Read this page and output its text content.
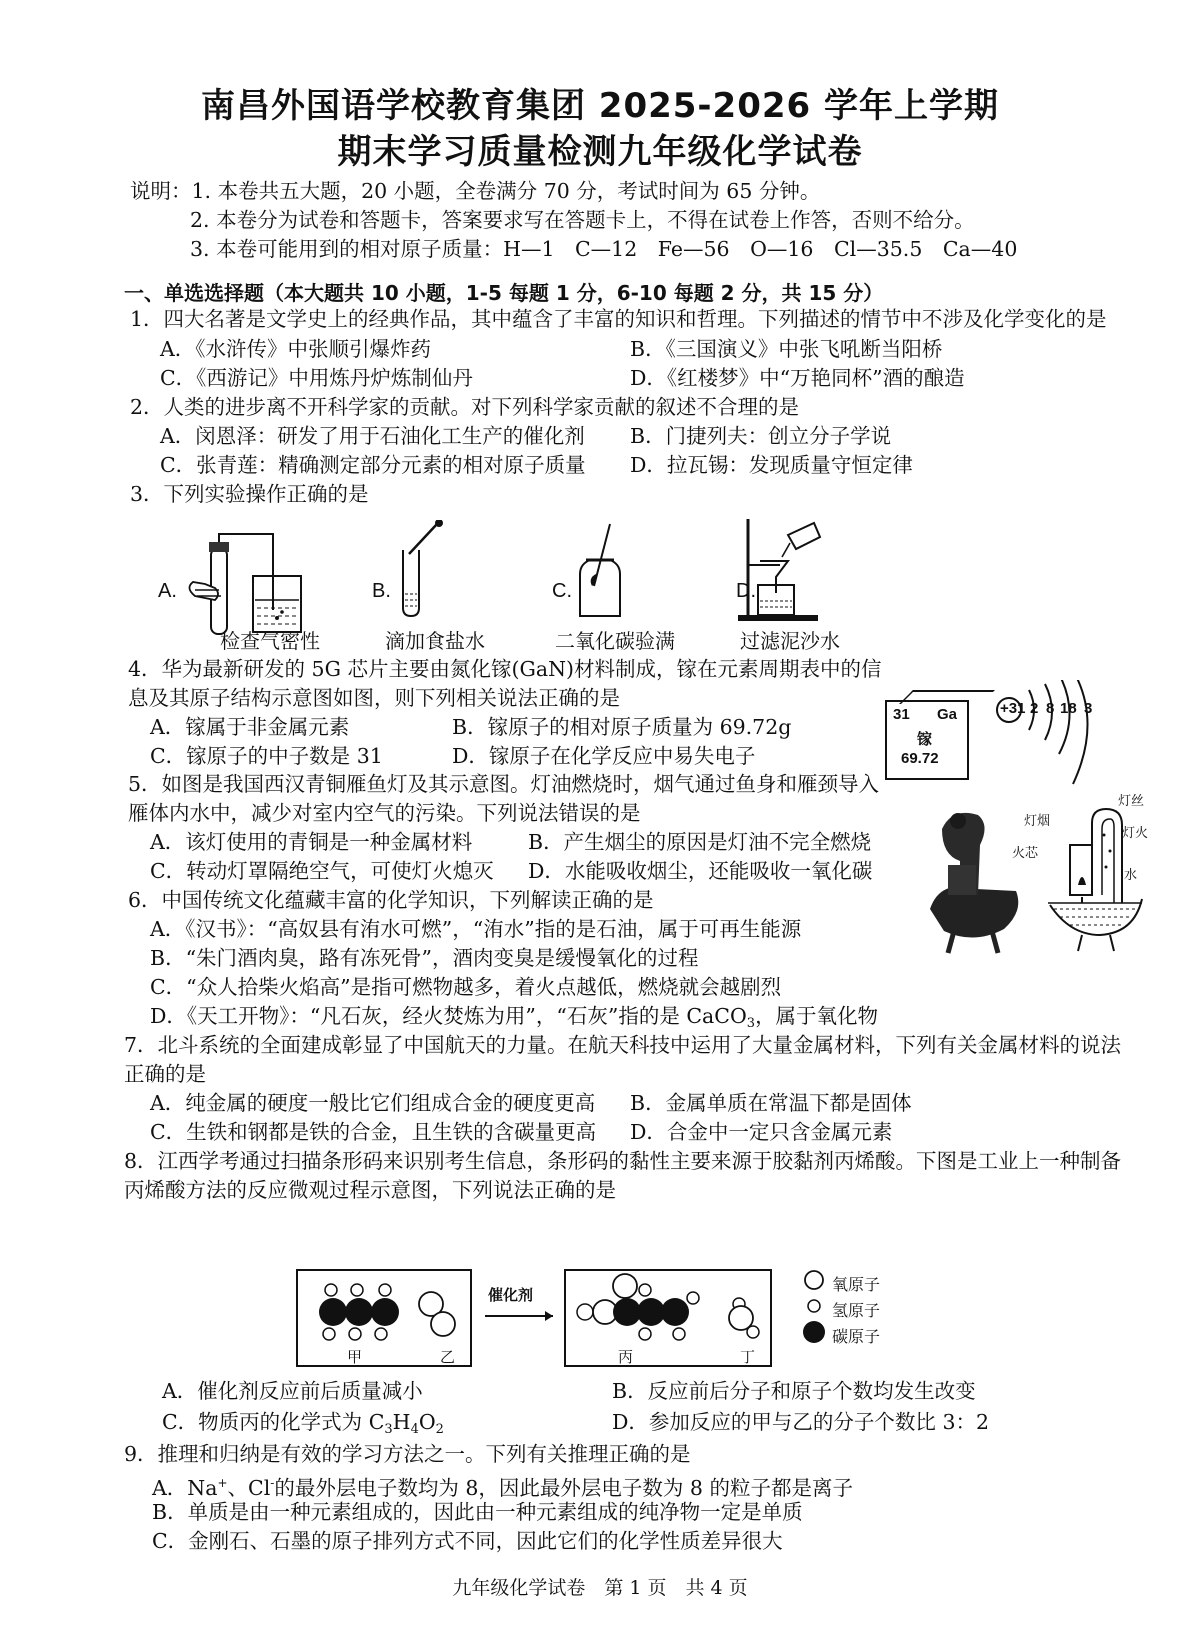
南昌外国语学校教育集团 2025-2026 学年上学期
期末学习质量检测九年级化学试卷
说明：1. 本卷共五大题，20 小题，全卷满分 70 分，考试时间为 65 分钟。
2. 本卷分为试卷和答题卡，答案要求写在答题卡上，不得在试卷上作答，否则不给分。
3. 本卷可能用到的相对原子质量：H—1　C—12　Fe—56　O—16　Cl—35.5　Ca—40
一、单选选择题（本大题共 10 小题，1-5 每题 1 分，6-10 每题 2 分，共 15 分）
1．四大名著是文学史上的经典作品，其中蕴含了丰富的知识和哲理。下列描述的情节中不涉及化学变化的是
A．《水浒传》中张顺引爆炸药	B．《三国演义》中张飞吼断当阳桥
C．《西游记》中用炼丹炉炼制仙丹	D．《红楼梦》中“万艳同杯”酒的酿造
2．人类的进步离不开科学家的贡献。对下列科学家贡献的叙述不合理的是
A．闵恩泽：研发了用于石油化工生产的催化剂 B．门捷列夫：创立分子学说
C．张青莲：精确测定部分元素的相对原子质量 D．拉瓦锡：发现质量守恒定律
3．下列实验操作正确的是
A.	B.	C.	D.
检查气密性	滴加食盐水	二氧化碳验满	过滤泥沙水
4．华为最新研发的 5G 芯片主要由氮化镓(GaN)材料制成，镓在元素周期表中的信
息及其原子结构示意图如图，则下列相关说法正确的是
A．镓属于非金属元素	B．镓原子的相对原子质量为 69.72g
C．镓原子的中子数是 31	D．镓原子在化学反应中易失电子
31 Ga
镓
69.72
+31 2 8 18 3
5．如图是我国西汉青铜雁鱼灯及其示意图。灯油燃烧时，烟气通过鱼身和雁颈导入
雁体内水中，减少对室内空气的污染。下列说法错误的是
A．该灯使用的青铜是一种金属材料	B．产生烟尘的原因是灯油不完全燃烧
C．转动灯罩隔绝空气，可使灯火熄灭 D．水能吸收烟尘，还能吸收一氧化碳
灯丝
灯烟
灯火
火芯
水
6．中国传统文化蕴藏丰富的化学知识，下列解读正确的是
A．《汉书》：“高奴县有洧水可燃”，“洧水”指的是石油，属于可再生能源
B．“朱门酒肉臭，路有冻死骨”，酒肉变臭是缓慢氧化的过程
C．“众人拾柴火焰高”是指可燃物越多，着火点越低，燃烧就会越剧烈
D．《天工开物》：“凡石灰，经火焚炼为用”，“石灰”指的是 CaCO$_3$，属于氧化物
7．北斗系统的全面建成彰显了中国航天的力量。在航天科技中运用了大量金属材料，下列有关金属材料的说法
正确的是
A．纯金属的硬度一般比它们组成合金的硬度更高 B．金属单质在常温下都是固体
C．生铁和钢都是铁的合金，且生铁的含碳量更高 D．合金中一定只含金属元素
8．江西学考通过扫描条形码来识别考生信息，条形码的黏性主要来源于胶黏剂丙烯酸。下图是工业上一种制备
丙烯酸方法的反应微观过程示意图，下列说法正确的是
催化剂
甲	乙	丙	丁
氧原子
氢原子
碳原子
A．催化剂反应前后质量减小	B．反应前后分子和原子个数均发生改变
C．物质丙的化学式为 $C_3H_4O_2$	D．参加反应的甲与乙的分子个数比 3：2
9．推理和归纳是有效的学习方法之一。下列有关推理正确的是
A．Na+、Cl-的最外层电子数均为 8，因此最外层电子数为 8 的粒子都是离子
B．单质是由一种元素组成的，因此由一种元素组成的纯净物一定是单质
C．金刚石、石墨的原子排列方式不同，因此它们的化学性质差异很大
九年级化学试卷　第 1 页　共 4 页
